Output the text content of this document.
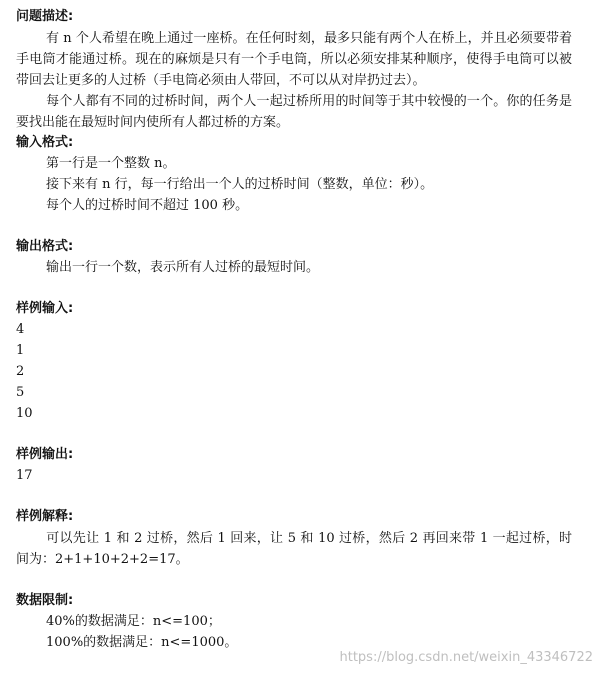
问题描述:
有 n 个人希望在晚上通过一座桥。在任何时刻，最多只能有两个人在桥上，并且必须要带着手电筒才能通过桥。现在的麻烦是只有一个手电筒，所以必须安排某种顺序，使得手电筒可以被带回去让更多的人过桥（手电筒必须由人带回，不可以从对岸扔过去）。
每个人都有不同的过桥时间，两个人一起过桥所用的时间等于其中较慢的一个。你的任务是要找出能在最短时间内使所有人都过桥的方案。
输入格式:
第一行是一个整数 n。
接下来有 n 行，每一行给出一个人的过桥时间（整数，单位：秒）。
每个人的过桥时间不超过 100 秒。
输出格式:
输出一行一个数，表示所有人过桥的最短时间。
样例输入:
4
1
2
5
10
样例输出:
17
样例解释:
可以先让 1 和 2 过桥，然后 1 回来，让 5 和 10 过桥，然后 2 再回来带 1 一起过桥，时间为：2+1+10+2+2=17。
数据限制:
40%的数据满足：n<=100；
100%的数据满足：n<=1000。
https://blog.csdn.net/weixin_43346722
